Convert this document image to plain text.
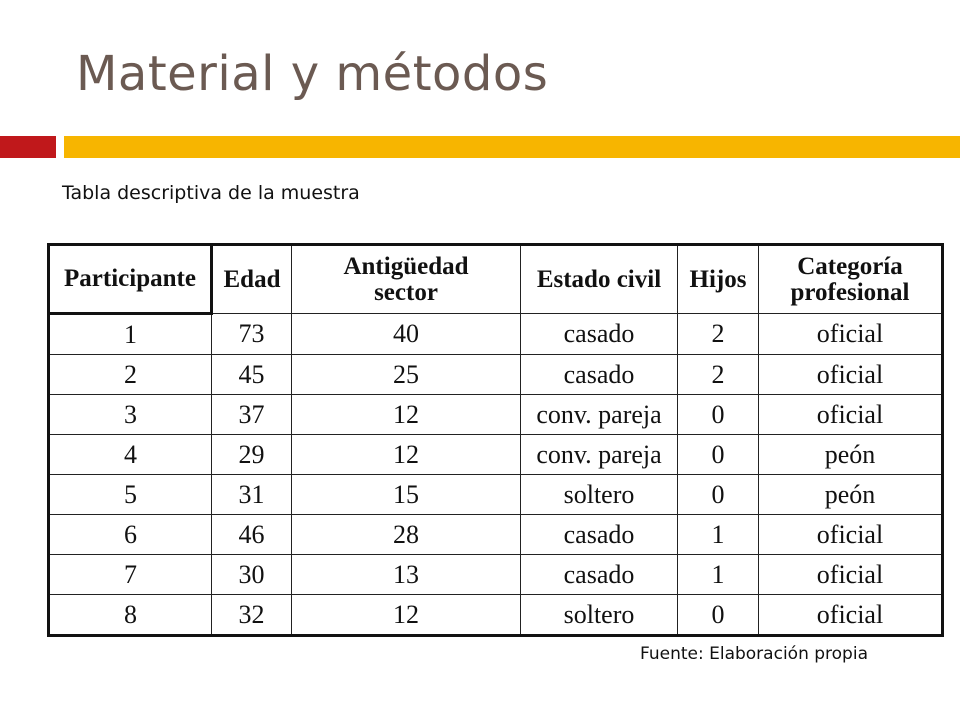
Material y métodos
Tabla descriptiva de la muestra
Participante	Edad	Antigüedad sector	Estado civil	Hijos	Categoría profesional
1	73	40	casado	2	oficial
2	45	25	casado	2	oficial
3	37	12	conv. pareja	0	oficial
4	29	12	conv. pareja	0	peón
5	31	15	soltero	0	peón
6	46	28	casado	1	oficial
7	30	13	casado	1	oficial
8	32	12	soltero	0	oficial
Fuente: Elaboración propia
